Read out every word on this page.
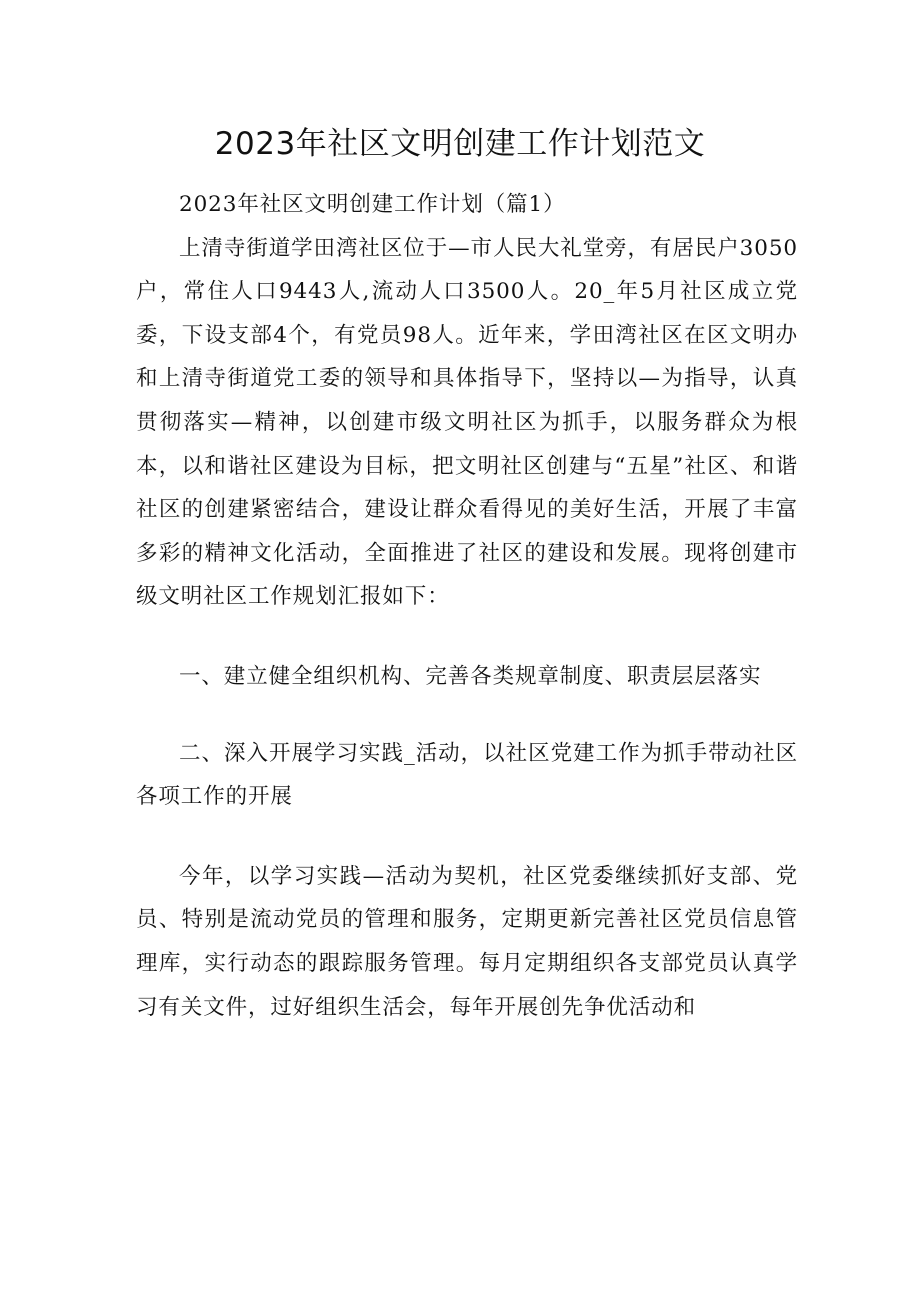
2023年社区文明创建工作计划范文

2023年社区文明创建工作计划（篇1）

上清寺街道学田湾社区位于—市人民大礼堂旁，有居民户3050户，常住人口9443人,流动人口3500人。20_年5月社区成立党委，下设支部4个，有党员98人。近年来，学田湾社区在区文明办和上清寺街道党工委的领导和具体指导下，坚持以—为指导，认真贯彻落实—精神，以创建市级文明社区为抓手，以服务群众为根本，以和谐社区建设为目标，把文明社区创建与“五星”社区、和谐社区的创建紧密结合，建设让群众看得见的美好生活，开展了丰富多彩的精神文化活动，全面推进了社区的建设和发展。现将创建市级文明社区工作规划汇报如下：

一、建立健全组织机构、完善各类规章制度、职责层层落实

二、深入开展学习实践_活动，以社区党建工作为抓手带动社区各项工作的开展

今年，以学习实践—活动为契机，社区党委继续抓好支部、党员、特别是流动党员的管理和服务，定期更新完善社区党员信息管理库，实行动态的跟踪服务管理。每月定期组织各支部党员认真学习有关文件，过好组织生活会，每年开展创先争优活动和
